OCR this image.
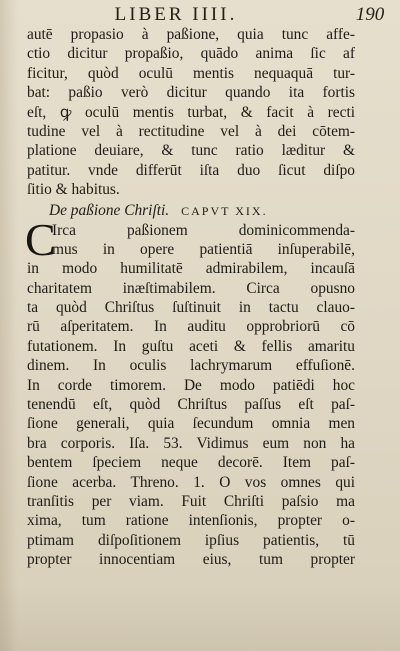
LIBER IIII.	190
autē propasio à paßione, quia tunc affe-
ctio dicitur propaßio, quādo anima ſic af
ficitur, quòd oculū mentis nequaquā tur-
bat: paßio verò dicitur quando ita fortis
eſt, ꝙ oculū mentis turbat, & facit à recti
tudine vel à rectitudine vel à dei cōtem-
platione deuiare, & tunc ratio læditur &
patitur. vnde differūt iſta duo ſicut diſpo
ſitio & habitus.
De paßione Chriſti. CAPVT XIX.
C
Irca paßionem dominicommenda-
mus in opere patientiā inſuperabilē,
in modo humilitatē admirabilem, incauſā
charitatem inæſtimabilem. Circa opusno
ta quòd Chriſtus ſuſtinuit in tactu clauo-
rū aſperitatem. In auditu opprobriorū cō
futationem. In guſtu aceti & fellis amaritu
dinem. In oculis lachrymarum effuſionē.
In corde timorem. De modo patiēdi hoc
tenendū eſt, quòd Chriſtus paſſus eſt paſ-
ſione generali, quia ſecundum omnia men
bra corporis. Iſa. 53. Vidimus eum non ha
bentem ſpeciem neque decorē. Item paſ-
ſione acerba. Threno. 1. O vos omnes qui
tranſitis per viam. Fuit Chriſti paſsio ma
xima, tum ratione intenſionis, propter o-
ptimam diſpoſitionem ipſius patientis, tū
propter innocentiam eius, tum propter
